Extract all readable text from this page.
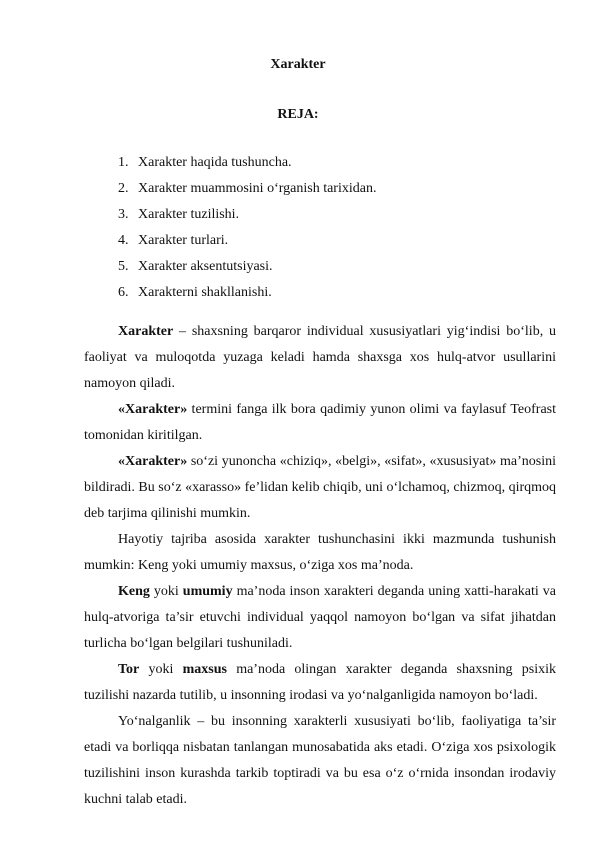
Xarakter
REJA:
1. Xarakter haqida tushuncha.
2. Xarakter muammosini o‘rganish tarixidan.
3. Xarakter tuzilishi.
4. Xarakter turlari.
5. Xarakter aksentutsiyasi.
6. Xarakterni shakllanishi.

Xarakter – shaxsning barqaror individual xususiyatlari yig‘indisi bo‘lib, u faoliyat va muloqotda yuzaga keladi hamda shaxsga xos hulq-atvor usullarini namoyon qiladi.

«Xarakter» termini fanga ilk bora qadimiy yunon olimi va faylasuf Teofrast tomonidan kiritilgan.

«Xarakter» so‘zi yunoncha «chiziq», «belgi», «sifat», «xususiyat» ma’nosini bildiradi. Bu so‘z «xarasso» fe’lidan kelib chiqib, uni o‘lchamoq, chizmoq, qirqmoq deb tarjima qilinishi mumkin.

Hayotiy tajriba asosida xarakter tushunchasini ikki mazmunda tushunish mumkin: Keng yoki umumiy maxsus, o‘ziga xos ma’noda.

Keng yoki umumiy ma’noda inson xarakteri deganda uning xatti-harakati va hulq-atvoriga ta’sir etuvchi individual yaqqol namoyon bo‘lgan va sifat jihatdan turlicha bo‘lgan belgilari tushuniladi.

Tor yoki maxsus ma’noda olingan xarakter deganda shaxsning psixik tuzilishi nazarda tutilib, u insonning irodasi va yo‘nalganligida namoyon bo‘ladi.

Yo‘nalganlik – bu insonning xarakterli xususiyati bo‘lib, faoliyatiga ta’sir etadi va borliqqa nisbatan tanlangan munosabatida aks etadi. O‘ziga xos psixologik tuzilishini inson kurashda tarkib toptiradi va bu esa o‘z o‘rnida insondan irodaviy kuchni talab etadi.
